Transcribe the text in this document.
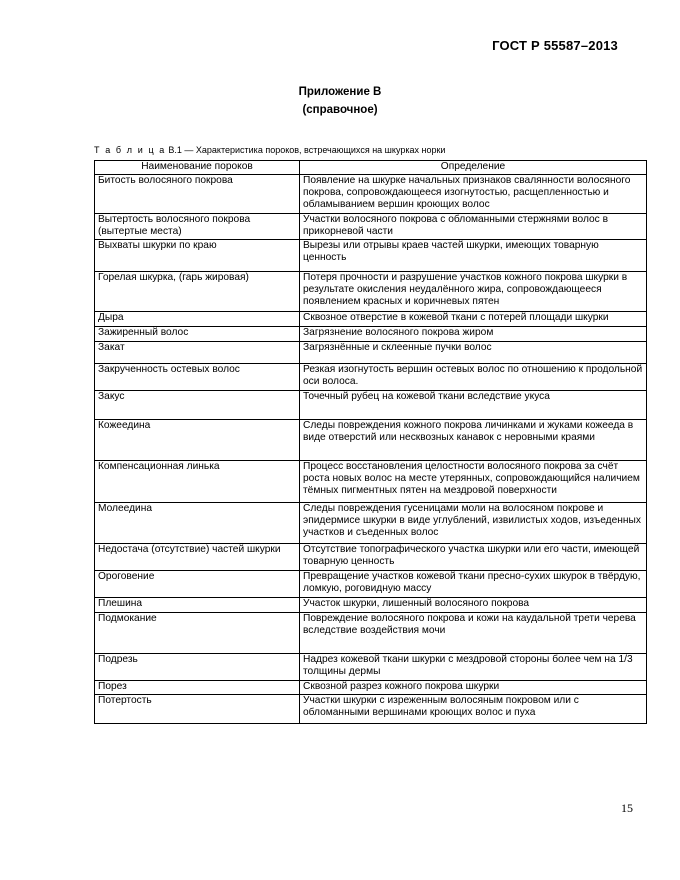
ГОСТ Р 55587–2013
Приложение В
(справочное)
Т а б л и ц а В.1 — Характеристика пороков, встречающихся на шкурках норки
Наименование пороков	Определение
Битость волосяного покрова	Появление на шкурке начальных признаков свалянности волосяного покрова, сопровождающееся изогнутостью, расщепленностью и обламыванием вершин кроющих волос
Вытертость волосяного покрова (вытертые места)	Участки волосяного покрова с обломанными стержнями волос в прикорневой части
Выхваты шкурки по краю	Вырезы или отрывы краев частей шкурки, имеющих товарную ценность
Горелая шкурка, (гарь жировая)	Потеря прочности и разрушение участков кожного покрова шкурки в результате окисления неудалённого жира, сопровождающееся появлением красных и коричневых пятен
Дыра	Сквозное отверстие в кожевой ткани с потерей площади шкурки
Зажиренный волос	Загрязнение волосяного покрова жиром
Закат	Загрязнённые и склеенные пучки волос
Закрученность остевых волос	Резкая изогнутость вершин остевых волос по отношению к продольной оси волоса.
Закус	Точечный рубец на кожевой ткани вследствие укуса
Кожеедина	Следы повреждения кожного покрова личинками и жуками кожееда в виде отверстий или несквозных канавок с неровными краями
Компенсационная линька	Процесс восстановления целостности волосяного покрова за счёт роста новых волос на месте утерянных, сопровождающийся наличием тёмных пигментных пятен на мездровой поверхности
Молеедина	Следы повреждения гусеницами моли на волосяном покрове и эпидермисе шкурки в виде углублений, извилистых ходов, изъеденных участков и съеденных волос
Недостача (отсутствие) частей шкурки	Отсутствие топографического участка шкурки или его части, имеющей товарную ценность
Ороговение	Превращение участков кожевой ткани пресно-сухих шкурок в твёрдую, ломкую, роговидную массу
Плешина	Участок шкурки, лишенный волосяного покрова
Подмокание	Повреждение волосяного покрова и кожи на каудальной трети черева вследствие воздействия мочи
Подрезь	Надрез кожевой ткани шкурки с мездровой стороны более чем на 1/3 толщины дермы
Порез	Сквозной разрез кожного покрова шкурки
Потертость	Участки шкурки с изреженным волосяным покровом или с обломанными вершинами кроющих волос и пуха
15
